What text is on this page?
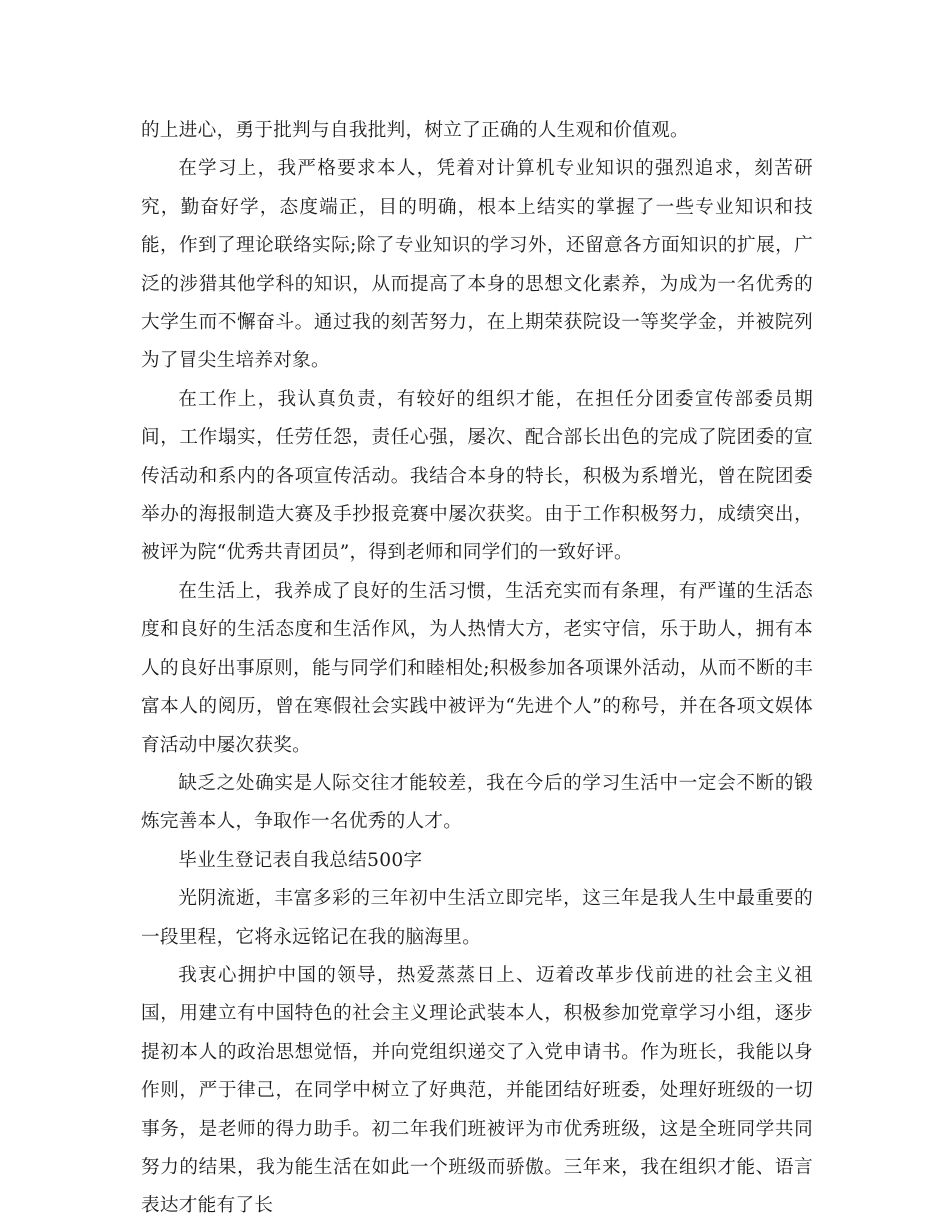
的上进心，勇于批判与自我批判，树立了正确的人生观和价值观。

在学习上，我严格要求本人，凭着对计算机专业知识的强烈追求，刻苦研究，勤奋好学，态度端正，目的明确，根本上结实的掌握了一些专业知识和技能，作到了理论联络实际;除了专业知识的学习外，还留意各方面知识的扩展，广泛的涉猎其他学科的知识，从而提高了本身的思想文化素养，为成为一名优秀的大学生而不懈奋斗。通过我的刻苦努力，在上期荣获院设一等奖学金，并被院列为了冒尖生培养对象。

在工作上，我认真负责，有较好的组织才能，在担任分团委宣传部委员期间，工作塌实，任劳任怨，责任心强，屡次、配合部长出色的完成了院团委的宣传活动和系内的各项宣传活动。我结合本身的特长，积极为系增光，曾在院团委举办的海报制造大赛及手抄报竞赛中屡次获奖。由于工作积极努力，成绩突出，被评为院“优秀共青团员”，得到老师和同学们的一致好评。

在生活上，我养成了良好的生活习惯，生活充实而有条理，有严谨的生活态度和良好的生活态度和生活作风，为人热情大方，老实守信，乐于助人，拥有本人的良好出事原则，能与同学们和睦相处;积极参加各项课外活动，从而不断的丰富本人的阅历，曾在寒假社会实践中被评为“先进个人”的称号，并在各项文娱体育活动中屡次获奖。

缺乏之处确实是人际交往才能较差，我在今后的学习生活中一定会不断的锻炼完善本人，争取作一名优秀的人才。

毕业生登记表自我总结500字

光阴流逝，丰富多彩的三年初中生活立即完毕，这三年是我人生中最重要的一段里程，它将永远铭记在我的脑海里。

我衷心拥护中国的领导，热爱蒸蒸日上、迈着改革步伐前进的社会主义祖国，用建立有中国特色的社会主义理论武装本人，积极参加党章学习小组，逐步提初本人的政治思想觉悟，并向党组织递交了入党申请书。作为班长，我能以身作则，严于律己，在同学中树立了好典范，并能团结好班委，处理好班级的一切事务，是老师的得力助手。初二年我们班被评为市优秀班级，这是全班同学共同努力的结果，我为能生活在如此一个班级而骄傲。三年来，我在组织才能、语言表达才能有了长
